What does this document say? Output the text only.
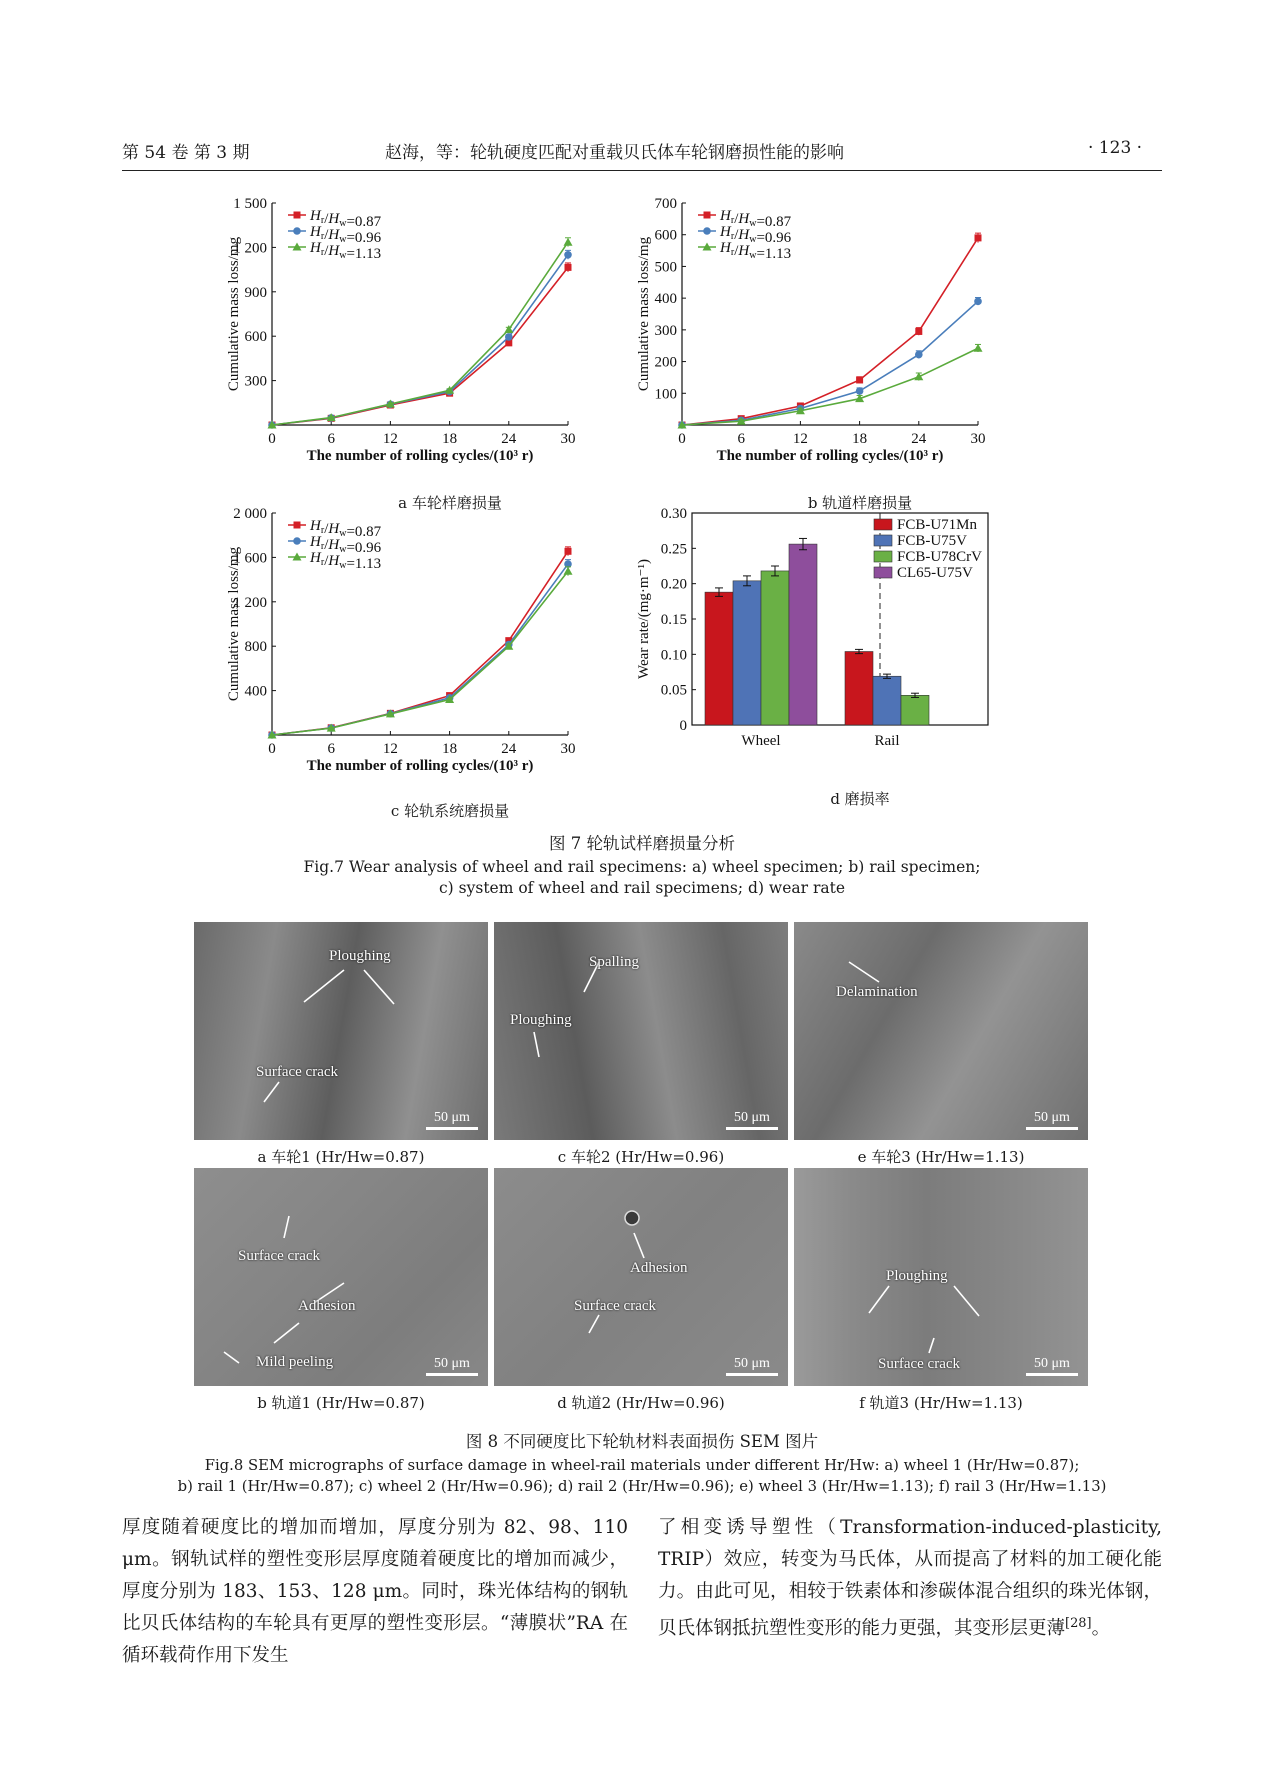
第 54 卷 第 3 期	赵海，等：轮轨硬度匹配对重载贝氏体车轮钢磨损性能的影响	· 123 ·
0	6	12	18	24	30
300
600
900
1 200
1 500
The number of rolling cycles/(10³ r)
Cumulative mass loss/mg
$H_r/H_w=0.87$
$H_r/H_w=0.96$
$H_r/H_w=1.13$
0	6	12	18	24	30
100
200
300
400
500
600
700
The number of rolling cycles/(10³ r)
Cumulative mass loss/mg
$H_r/H_w=0.87$
$H_r/H_w=0.96$
$H_r/H_w=1.13$
0	6	12	18	24	30
400
800
1 200
1 600
2 000
The number of rolling cycles/(10³ r)
Cumulative mass loss/mg
$H_r/H_w=0.87$
$H_r/H_w=0.96$
$H_r/H_w=1.13$
0
0.05
0.10
0.15
0.20
0.25
0.30
Wear rate/(mg·m⁻¹)
Wheel	Rail
FCB-U71Mn
FCB-U75V
FCB-U78CrV
CL65-U75V
a 车轮样磨损量	b 轨道样磨损量
c 轮轨系统磨损量
d 磨损率
图 7 轮轨试样磨损量分析
Fig.7 Wear analysis of wheel and rail specimens: a) wheel specimen; b) rail specimen;
c) system of wheel and rail specimens; d) wear rate
Ploughing
Surface crack
50 μm
Spalling
Ploughing
50 μm
Delamination
50 μm
Surface crack
Adhesion
Mild peeling	50 μm
Adhesion
Surface crack
50 μm
Ploughing
Surface crack	50 μm
a 车轮1 (Hr/Hw=0.87)	c 车轮2 (Hr/Hw=0.96)	e 车轮3 (Hr/Hw=1.13)
b 轨道1 (Hr/Hw=0.87)	d 轨道2 (Hr/Hw=0.96)	f 轨道3 (Hr/Hw=1.13)
图 8 不同硬度比下轮轨材料表面损伤 SEM 图片
Fig.8 SEM micrographs of surface damage in wheel-rail materials under different Hr/Hw: a) wheel 1 (Hr/Hw=0.87);
b) rail 1 (Hr/Hw=0.87); c) wheel 2 (Hr/Hw=0.96); d) rail 2 (Hr/Hw=0.96); e) wheel 3 (Hr/Hw=1.13); f) rail 3 (Hr/Hw=1.13)
厚度随着硬度比的增加而增加，厚度分别为 82、98、110 μm。钢轨试样的塑性变形层厚度随着硬度比的增加而减少，厚度分别为 183、153、128 μm。同时，珠光体结构的钢轨比贝氏体结构的车轮具有更厚的塑性变形层。“薄膜状”RA 在循环载荷作用下发生
了相变诱导塑性（Transformation-induced-plasticity, TRIP）效应，转变为马氏体，从而提高了材料的加工硬化能力。由此可见，相较于铁素体和渗碳体混合组织的珠光体钢，贝氏体钢抵抗塑性变形的能力更强，其变形层更薄[28]。
